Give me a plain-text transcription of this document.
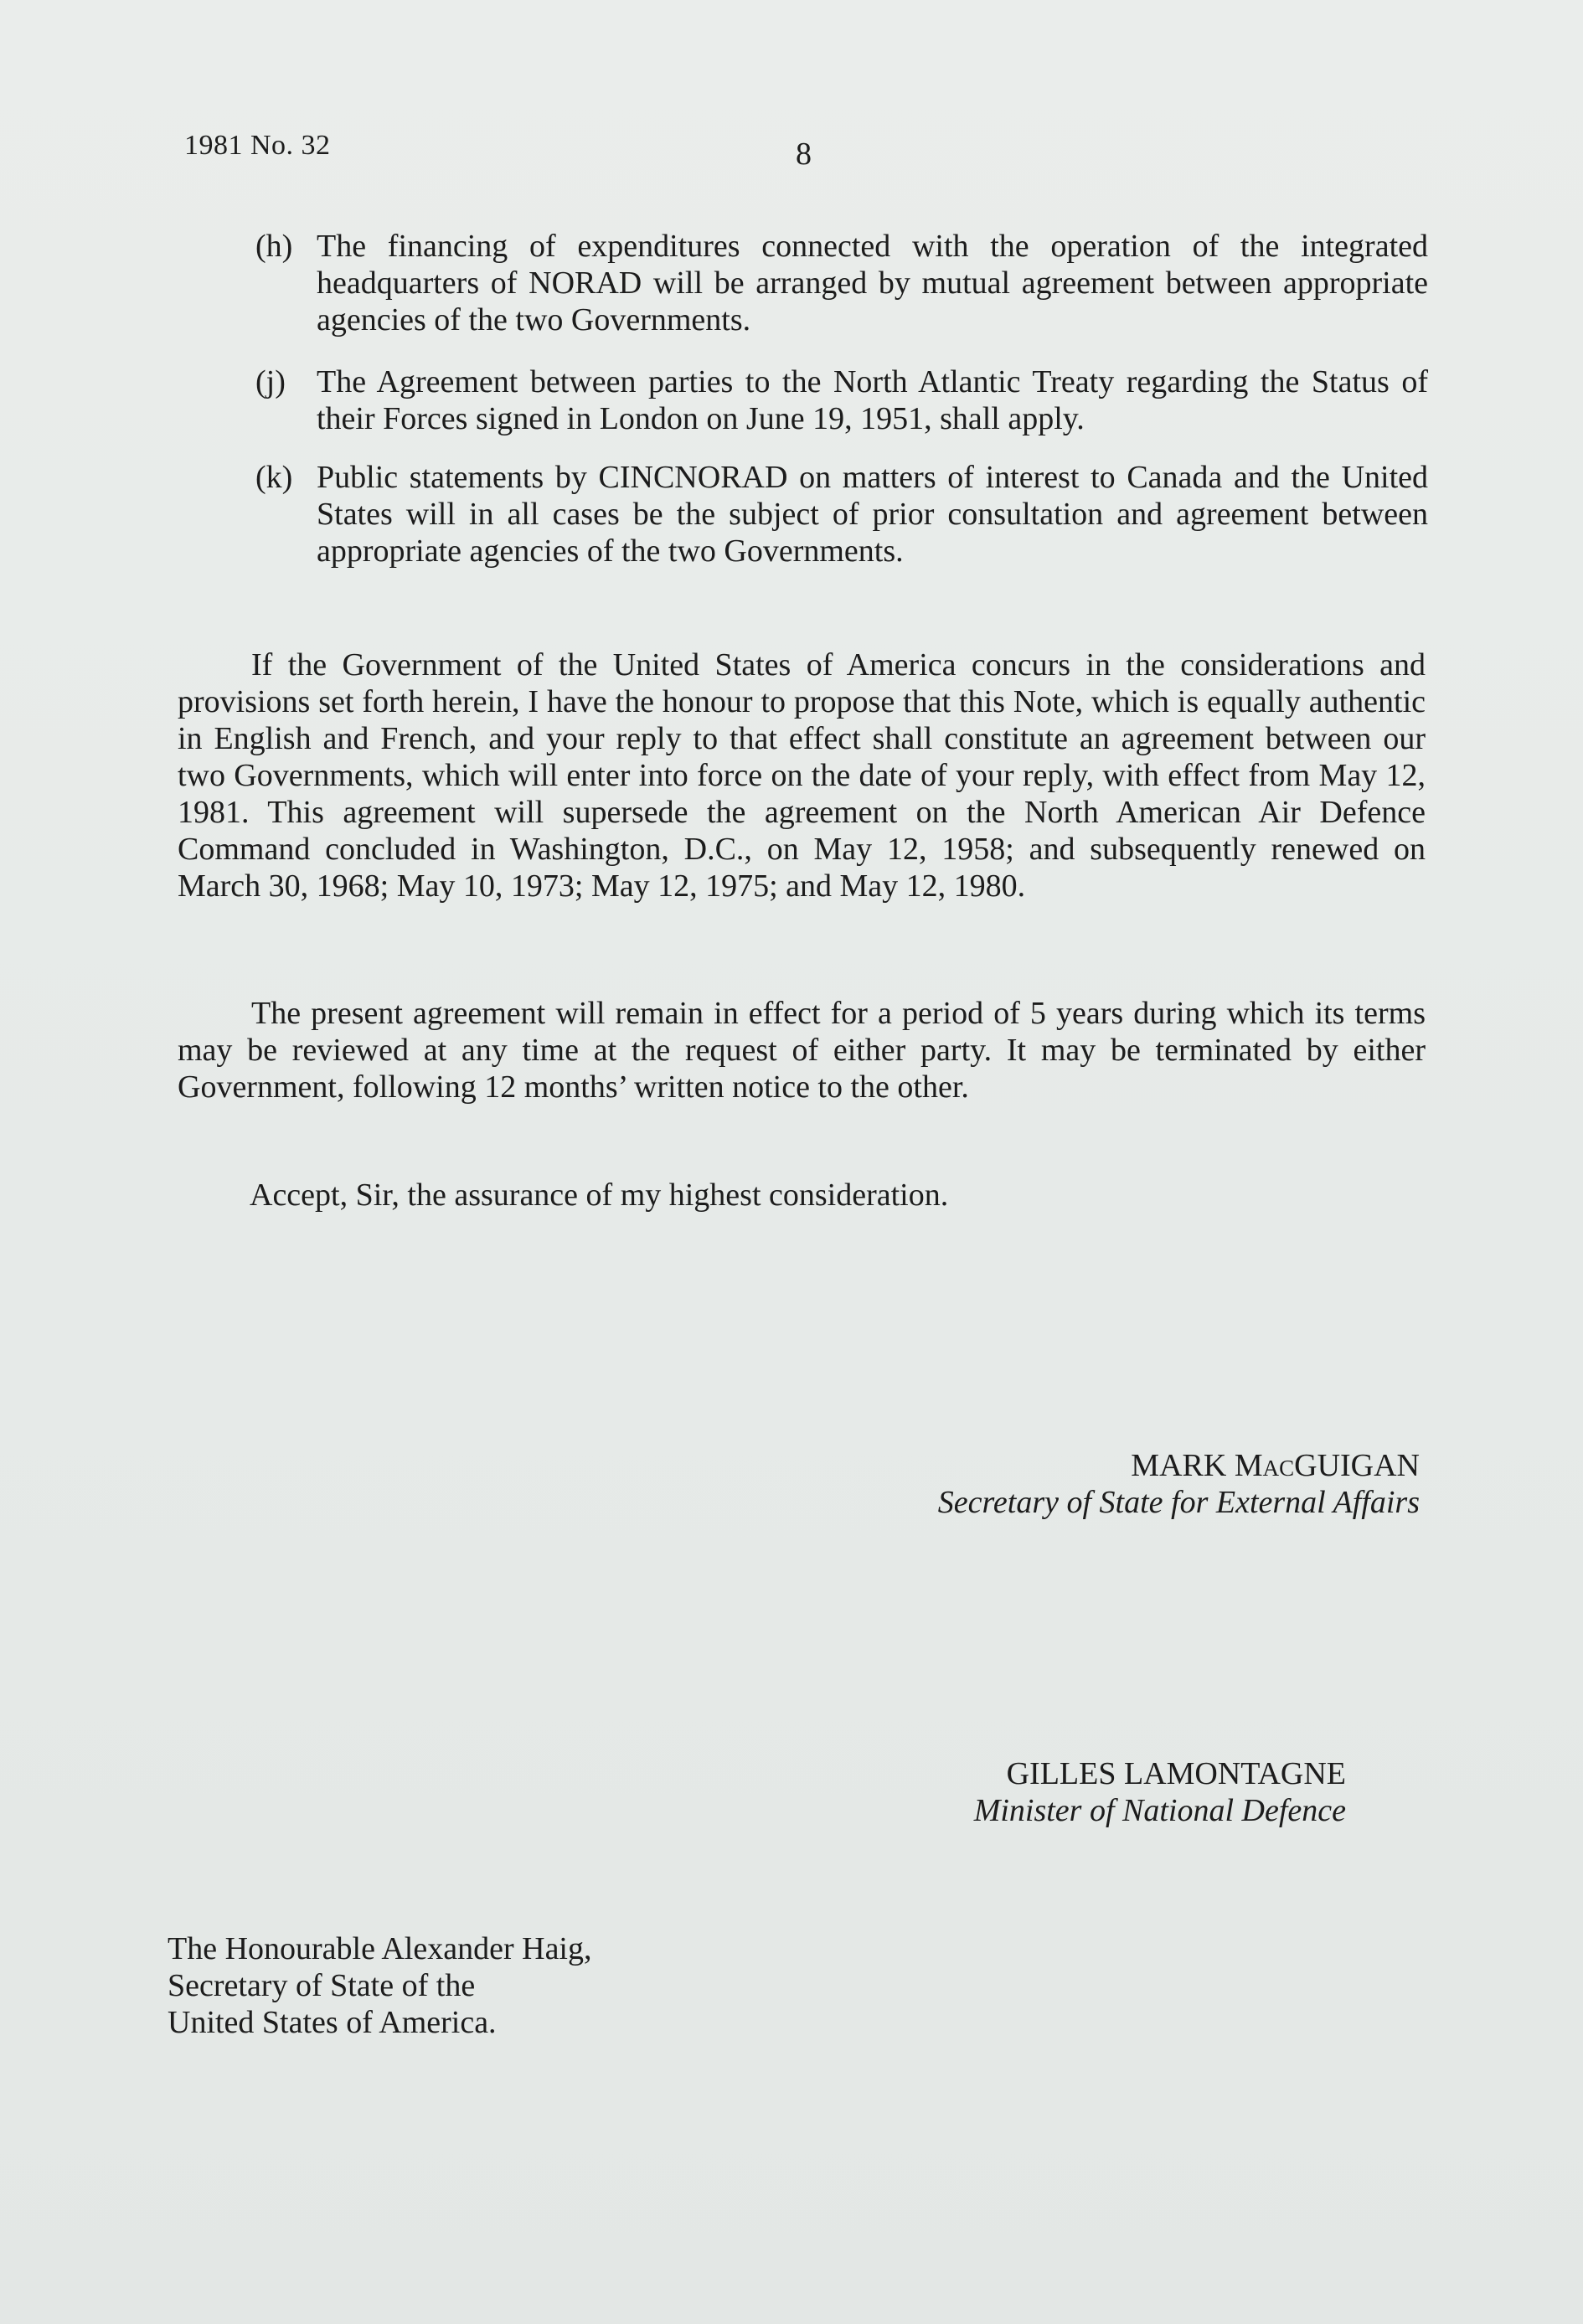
1981 No. 32	8
(h) The financing of expenditures connected with the operation of the integrated headquarters of NORAD will be arranged by mutual agreement between appropriate agencies of the two Governments.
(j) The Agreement between parties to the North Atlantic Treaty regarding the Status of their Forces signed in London on June 19, 1951, shall apply.
(k) Public statements by CINCNORAD on matters of interest to Canada and the United States will in all cases be the subject of prior consultation and agreement between appropriate agencies of the two Governments.
If the Government of the United States of America concurs in the considerations and provisions set forth herein, I have the honour to propose that this Note, which is equally authentic in English and French, and your reply to that effect shall constitute an agreement between our two Governments, which will enter into force on the date of your reply, with effect from May 12, 1981. This agreement will supersede the agreement on the North American Air Defence Command concluded in Washington, D.C., on May 12, 1958; and subsequently renewed on March 30, 1968; May 10, 1973; May 12, 1975; and May 12, 1980.
The present agreement will remain in effect for a period of 5 years during which its terms may be reviewed at any time at the request of either party. It may be terminated by either Government, following 12 months’ written notice to the other.
Accept, Sir, the assurance of my highest consideration.
MARK MacGUIGAN
Secretary of State for External Affairs
GILLES LAMONTAGNE
Minister of National Defence
The Honourable Alexander Haig,
Secretary of State of the
United States of America.
